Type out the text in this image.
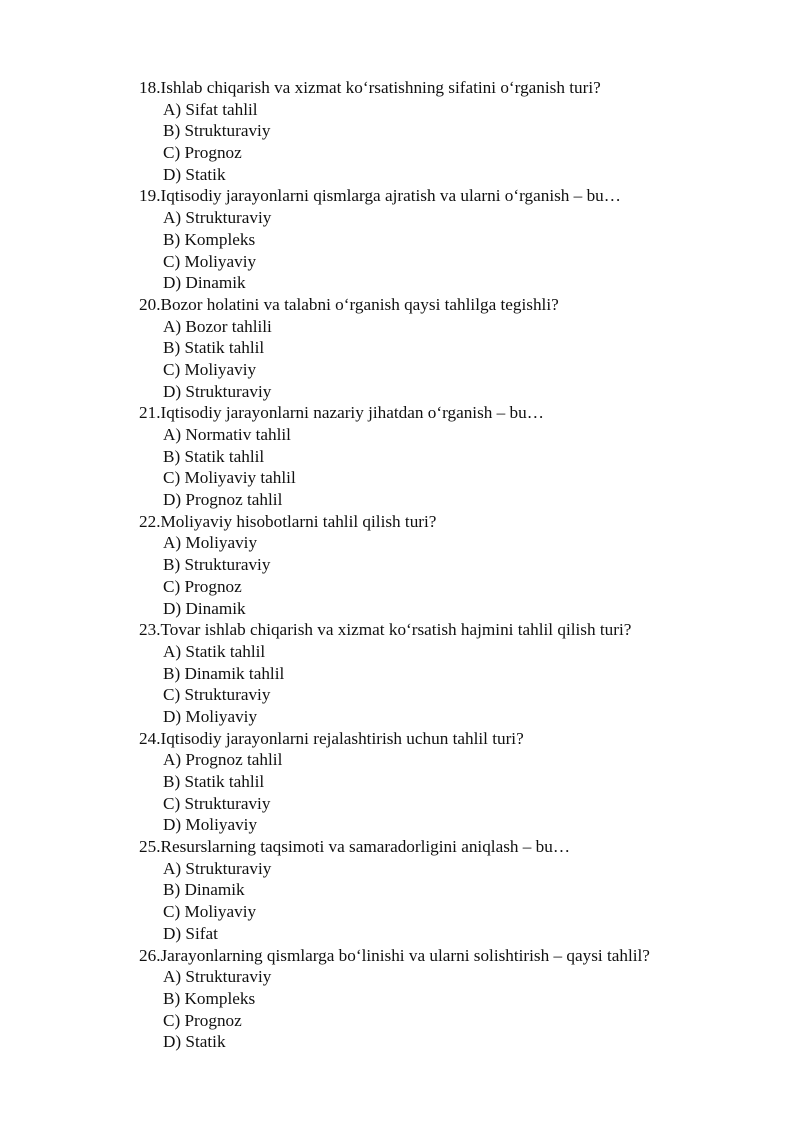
18.Ishlab chiqarish va xizmat ko‘rsatishning sifatini o‘rganish turi?
A) Sifat tahlil
B) Strukturaviy
C) Prognoz
D) Statik
19.Iqtisodiy jarayonlarni qismlarga ajratish va ularni o‘rganish – bu…
A) Strukturaviy
B) Kompleks
C) Moliyaviy
D) Dinamik
20.Bozor holatini va talabni o‘rganish qaysi tahlilga tegishli?
A) Bozor tahlili
B) Statik tahlil
C) Moliyaviy
D) Strukturaviy
21.Iqtisodiy jarayonlarni nazariy jihatdan o‘rganish – bu…
A) Normativ tahlil
B) Statik tahlil
C) Moliyaviy tahlil
D) Prognoz tahlil
22.Moliyaviy hisobotlarni tahlil qilish turi?
A) Moliyaviy
B) Strukturaviy
C) Prognoz
D) Dinamik
23.Tovar ishlab chiqarish va xizmat ko‘rsatish hajmini tahlil qilish turi?
A) Statik tahlil
B) Dinamik tahlil
C) Strukturaviy
D) Moliyaviy
24.Iqtisodiy jarayonlarni rejalashtirish uchun tahlil turi?
A) Prognoz tahlil
B) Statik tahlil
C) Strukturaviy
D) Moliyaviy
25.Resurslarning taqsimoti va samaradorligini aniqlash – bu…
A) Strukturaviy
B) Dinamik
C) Moliyaviy
D) Sifat
26.Jarayonlarning qismlarga bo‘linishi va ularni solishtirish – qaysi tahlil?
A) Strukturaviy
B) Kompleks
C) Prognoz
D) Statik
